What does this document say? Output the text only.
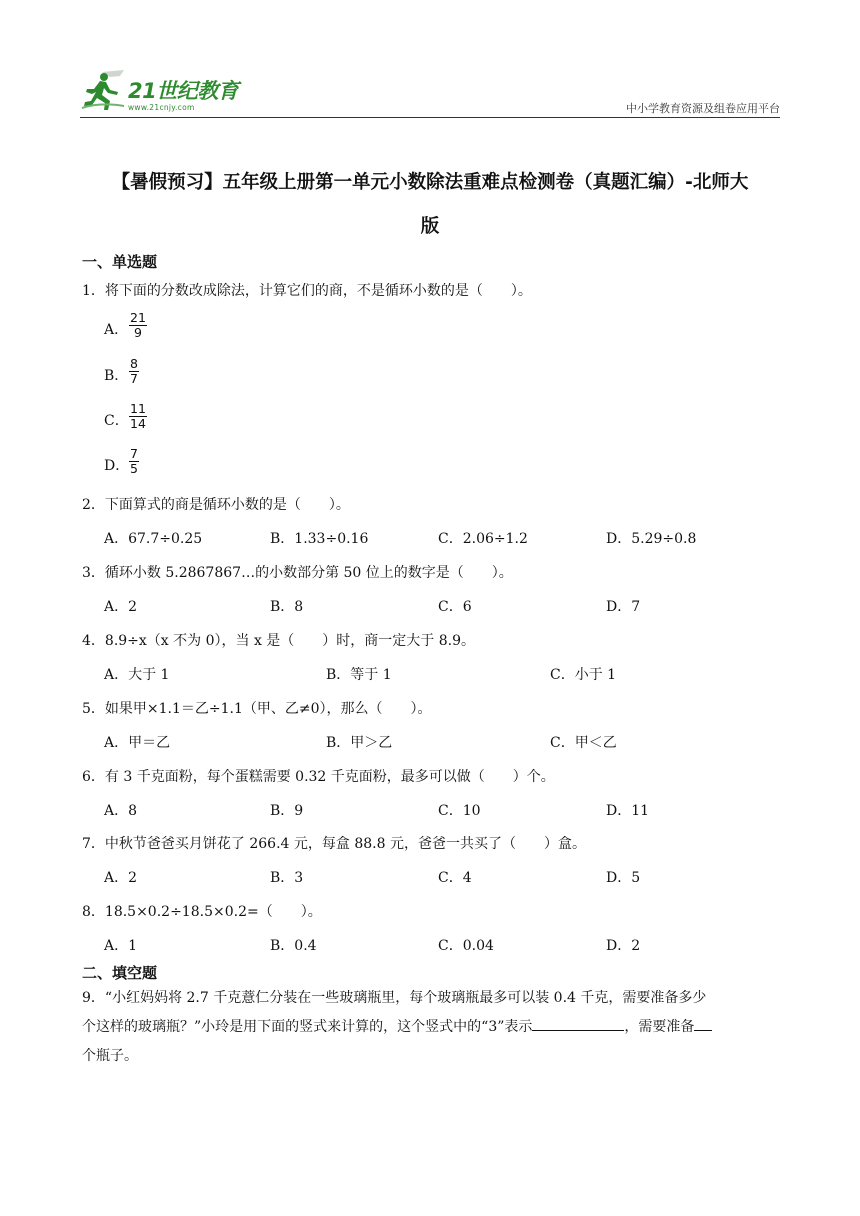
21世纪教育
www.21cnjy.com	中小学教育资源及组卷应用平台
【暑假预习】五年级上册第一单元小数除法重难点检测卷（真题汇编）-北师大
版
一、单选题
1．将下面的分数改成除法，计算它们的商，不是循环小数的是（　　）。
A．
21
9
B．
8
7
C．
11
14
D．
7
5
2．下面算式的商是循环小数的是（　　）。
A．67.7÷0.25	B．1.33÷0.16	C．2.06÷1.2	D．5.29÷0.8
3．循环小数 5.2867867…的小数部分第 50 位上的数字是（　　）。
A．2	B．8	C．6	D．7
4．8.9÷x（x 不为 0），当 x 是（　　）时，商一定大于 8.9。
A．大于 1	B．等于 1	C．小于 1
5．如果甲×1.1＝乙÷1.1（甲、乙≠0），那么（　　）。
A．甲＝乙	B．甲＞乙	C．甲＜乙
6．有 3 千克面粉，每个蛋糕需要 0.32 千克面粉，最多可以做（　　）个。
A．8	B．9	C．10	D．11
7．中秋节爸爸买月饼花了 266.4 元，每盒 88.8 元，爸爸一共买了（　　）盒。
A．2	B．3	C．4	D．5
8．18.5×0.2÷18.5×0.2=（　　）。
A．1	B．0.4	C．0.04	D．2
二、填空题
9．“小红妈妈将 2.7 千克薏仁分装在一些玻璃瓶里，每个玻璃瓶最多可以装 0.4 千克，需要准备多少
个这样的玻璃瓶？”小玲是用下面的竖式来计算的，这个竖式中的“3”表示	，需要准备
个瓶子。
